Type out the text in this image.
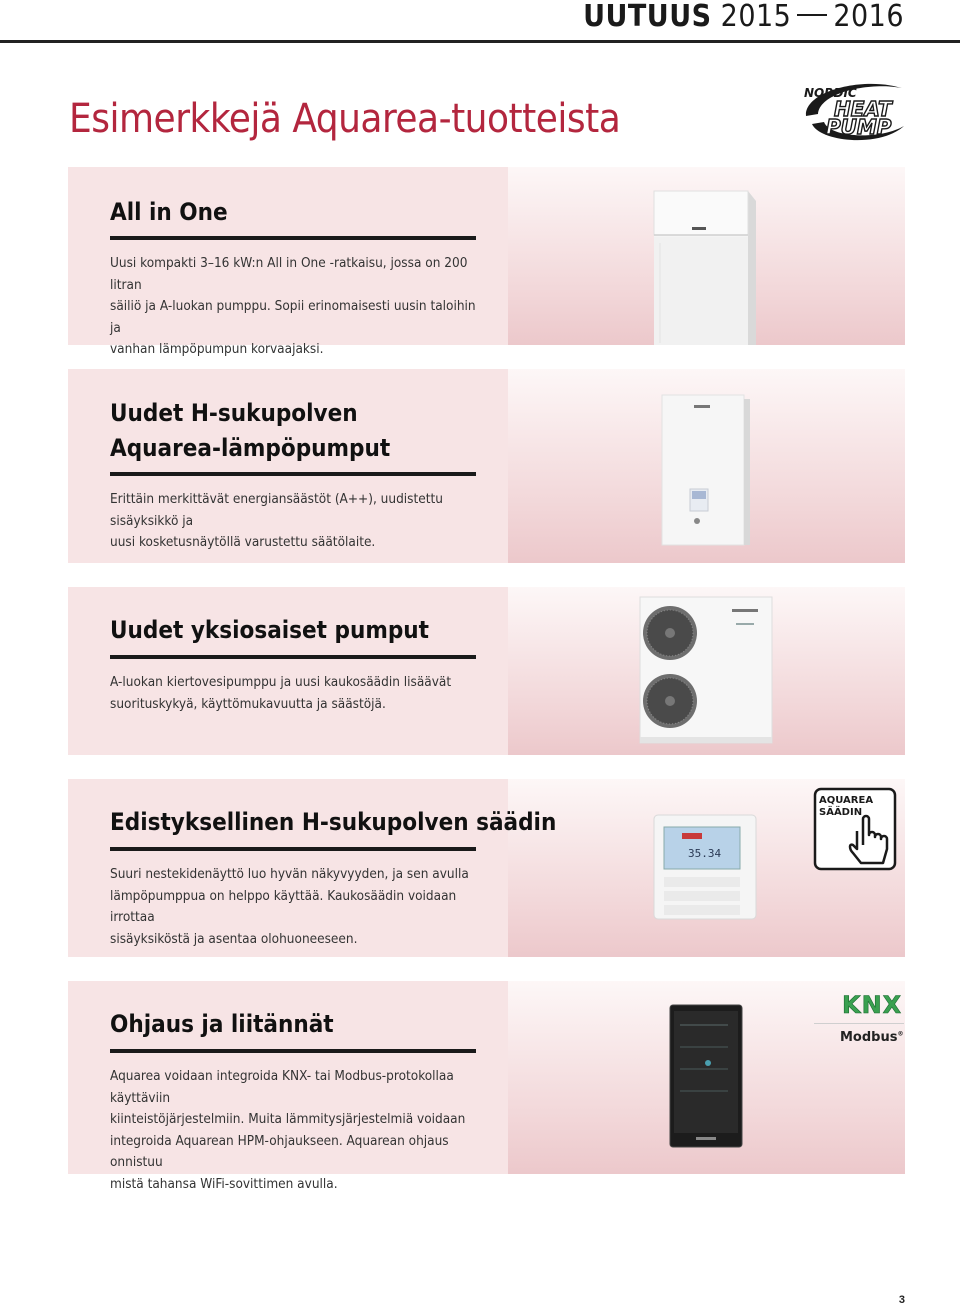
UUTUUS 2015 2016
Esimerkkejä Aquarea-tuotteista
NORDIC
HEAT
PUMP
All in One
Uusi kompakti 3–16 kW:n All in One -ratkaisu, jossa on 200 litran
säiliö ja A-luokan pumppu. Sopii erinomaisesti uusin taloihin ja
vanhan lämpöpumpun korvaajaksi.
Uudet H-sukupolven
Aquarea-lämpöpumput
Erittäin merkittävät energiansäästöt (A++), uudistettu sisäyksikkö ja
uusi kosketusnäytöllä varustettu säätölaite.
Uudet yksiosaiset pumput
A-luokan kiertovesipumppu ja uusi kaukosäädin lisäävät
suorituskykyä, käyttömukavuutta ja säästöjä.
Edistyksellinen H-sukupolven säädin
Suuri nestekidenäyttö luo hyvän näkyvyyden, ja sen avulla
lämpöpumppua on helppo käyttää. Kaukosäädin voidaan irrottaa
sisäyksiköstä ja asentaa olohuoneeseen.
35.34
AQUAREA
SÄÄDIN
Ohjaus ja liitännät
Aquarea voidaan integroida KNX- tai Modbus-protokollaa käyttäviin
kiinteistöjärjestelmiin. Muita lämmitysjärjestelmiä voidaan
integroida Aquarean HPM-ohjaukseen. Aquarean ohjaus onnistuu
mistä tahansa WiFi-sovittimen avulla.
KNX
Modbus®
3
